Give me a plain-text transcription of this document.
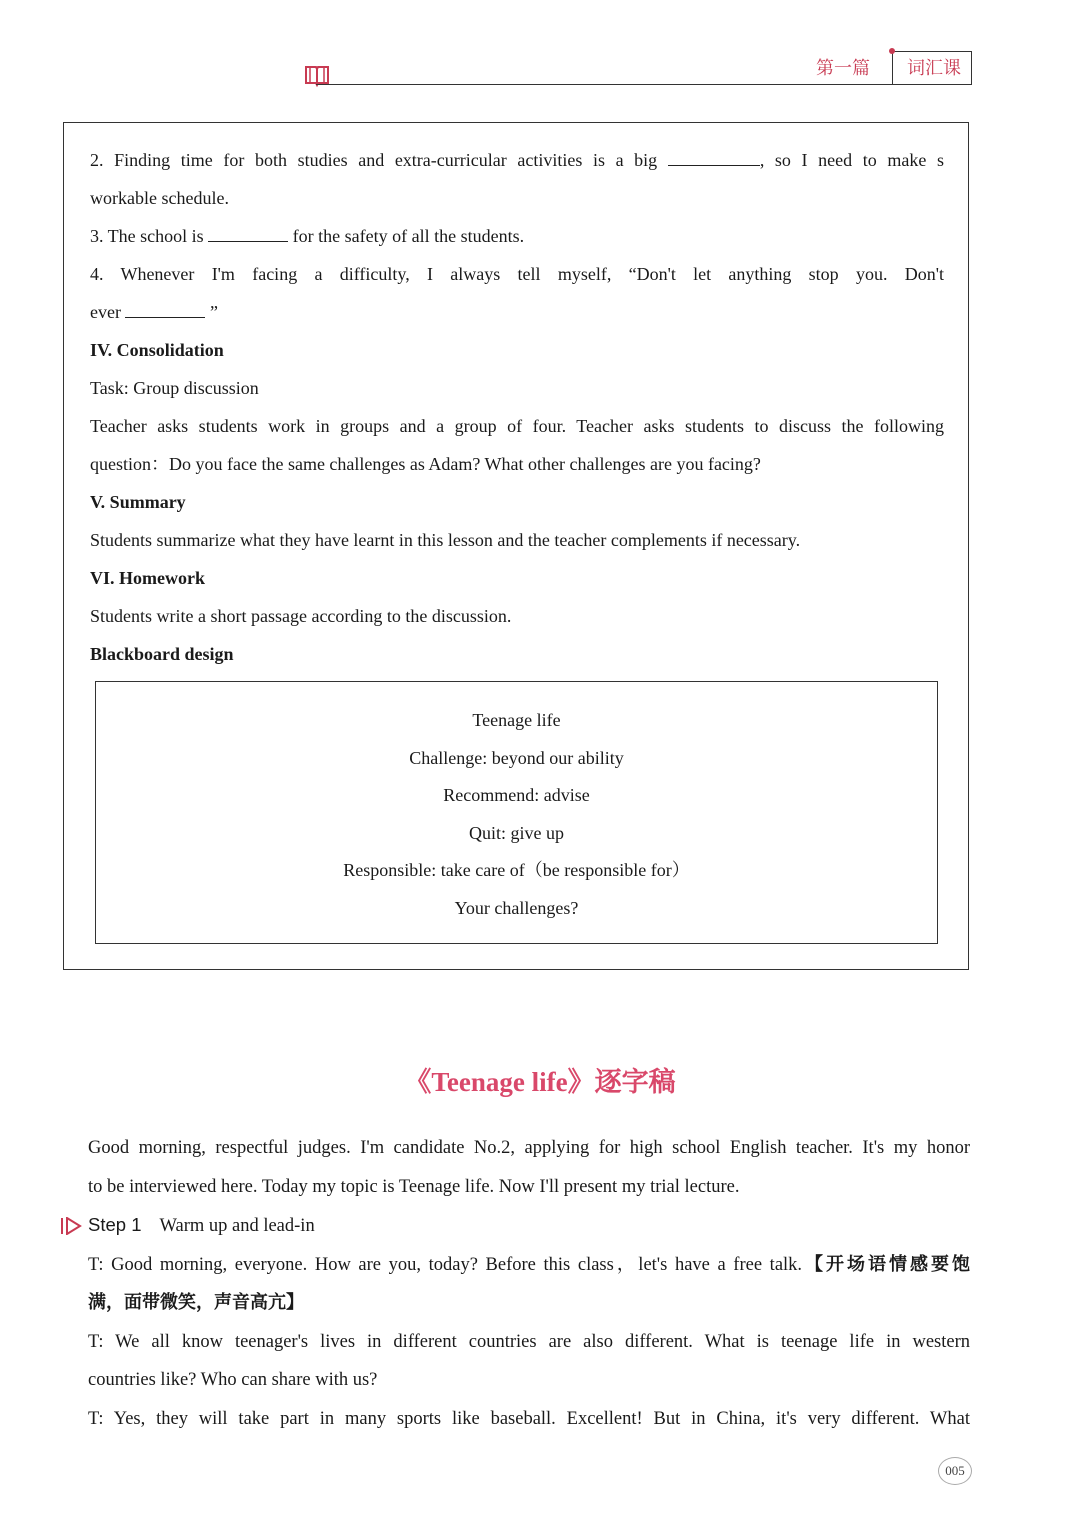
第一篇	词汇课

2. Finding time for both studies and extra-curricular activities is a big	, so I need to make s

workable schedule.

3. The school is	for the safety of all the students.

4. Whenever I'm facing a difficulty, I always tell myself, “Don't let anything stop you. Don't

ever	”

IV. Consolidation

Task: Group discussion

Teacher asks students work in groups and a group of four. Teacher asks students to discuss the following

question：Do you face the same challenges as Adam? What other challenges are you facing?

V. Summary

Students summarize what they have learnt in this lesson and the teacher complements if necessary.

VI. Homework

Students write a short passage according to the discussion.

Blackboard design

Teenage life
Challenge: beyond our ability
Recommend: advise
Quit: give up
Responsible: take care of（be responsible for）
Your challenges?
《Teenage life》逐字稿

Good morning, respectful judges. I'm candidate No.2, applying for high school English teacher. It's my honor

to be interviewed here. Today my topic is Teenage life. Now I'll present my trial lecture.

Step 1 Warm up and lead-in

T: Good morning, everyone. How are you, today? Before this class，let's have a free talk.【开场语情感要饱

满，面带微笑，声音高亢】

T: We all know teenager's lives in different countries are also different. What is teenage life in western

countries like? Who can share with us?

T: Yes, they will take part in many sports like baseball. Excellent! But in China, it's very different. What

005
